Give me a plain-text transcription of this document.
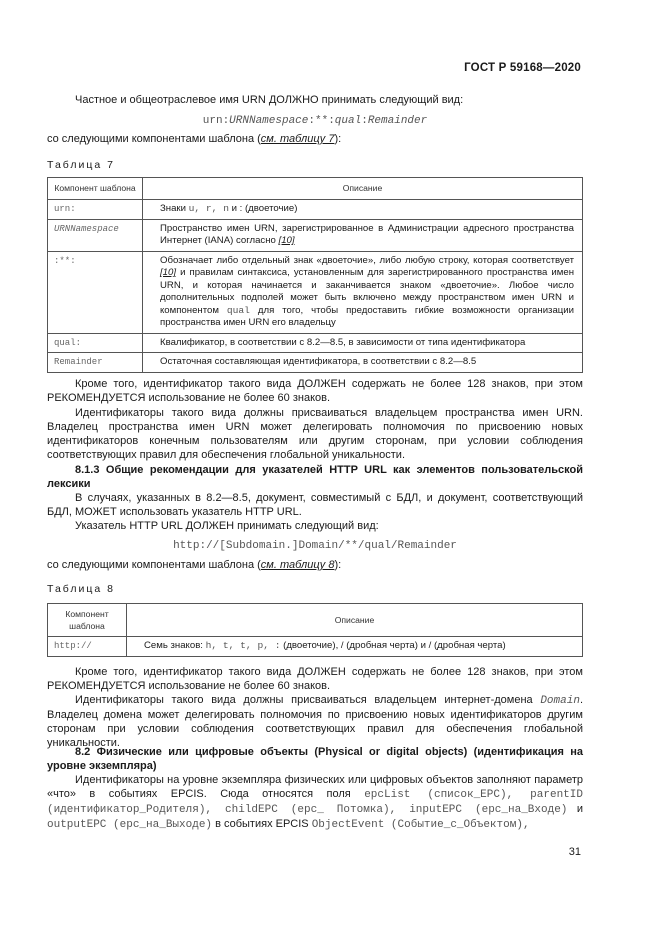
ГОСТ Р 59168—2020
Частное и общеотраслевое имя URN ДОЛЖНО принимать следующий вид:
urn:URNNamespace:**:qual:Remainder
со следующими компонентами шаблона (см. таблицу 7):
Таблица 7
Компонент шаблона	Описание
urn:	Знаки u, r, n и : (двоеточие)
URNNamespace	Пространство имен URN, зарегистрированное в Администрации адресного пространства Интернет (IANA) согласно [10]
:**:	Обозначает либо отдельный знак «двоеточие», либо любую строку, которая соответствует [10] и правилам синтаксиса, установленным для зарегистрированного пространства имен URN, и которая начинается и заканчивается знаком «двоеточие». Любое число дополнительных подполей может быть включено между пространством имен URN и компонентом qual для того, чтобы предоставить гибкие возможности организации пространства имен URN его владельцу
qual:	Квалификатор, в соответствии с 8.2—8.5, в зависимости от типа идентификатора
Remainder	Остаточная составляющая идентификатора, в соответствии с 8.2—8.5
Кроме того, идентификатор такого вида ДОЛЖЕН содержать не более 128 знаков, при этом РЕКОМЕНДУЕТСЯ использование не более 60 знаков.
Идентификаторы такого вида должны присваиваться владельцем пространства имен URN. Владелец пространства имен URN может делегировать полномочия по присвоению новых идентификаторов конечным пользователям или другим сторонам, при условии соблюдения соответствующих правил для обеспечения глобальной уникальности.
8.1.3 Общие рекомендации для указателей HTTP URL как элементов пользовательской лексики
В случаях, указанных в 8.2—8.5, документ, совместимый с БДЛ, и документ, соответствующий БДЛ, МОЖЕТ использовать указатель HTTP URL.
Указатель HTTP URL ДОЛЖЕН принимать следующий вид:
http://[Subdomain.]Domain/**/qual/Remainder
со следующими компонентами шаблона (см. таблицу 8):
Таблица 8
Компонент шаблона	Описание
http://	Семь знаков: h, t, t, p, : (двоеточие), / (дробная черта) и / (дробная черта)
Кроме того, идентификатор такого вида ДОЛЖЕН содержать не более 128 знаков, при этом РЕКОМЕНДУЕТСЯ использование не более 60 знаков.
Идентификаторы такого вида должны присваиваться владельцем интернет-домена Domain. Владелец домена может делегировать полномочия по присвоению новых идентификаторов другим сторонам при условии соблюдения соответствующих правил для обеспечения глобальной уникальности.
8.2 Физические или цифровые объекты (Physical or digital objects) (идентификация на уровне экземпляра)
Идентификаторы на уровне экземпляра физических или цифровых объектов заполняют параметр «что» в событиях EPCIS. Сюда относятся поля epcList (список_EPC), parentID (идентификатор_Родителя), childEPC (epc_ Потомка), inputEPC (epc_на_Входе) и outputEPC (epc_на_Выходе) в событиях EPCIS ObjectEvent (Событие_с_Объектом),
31
